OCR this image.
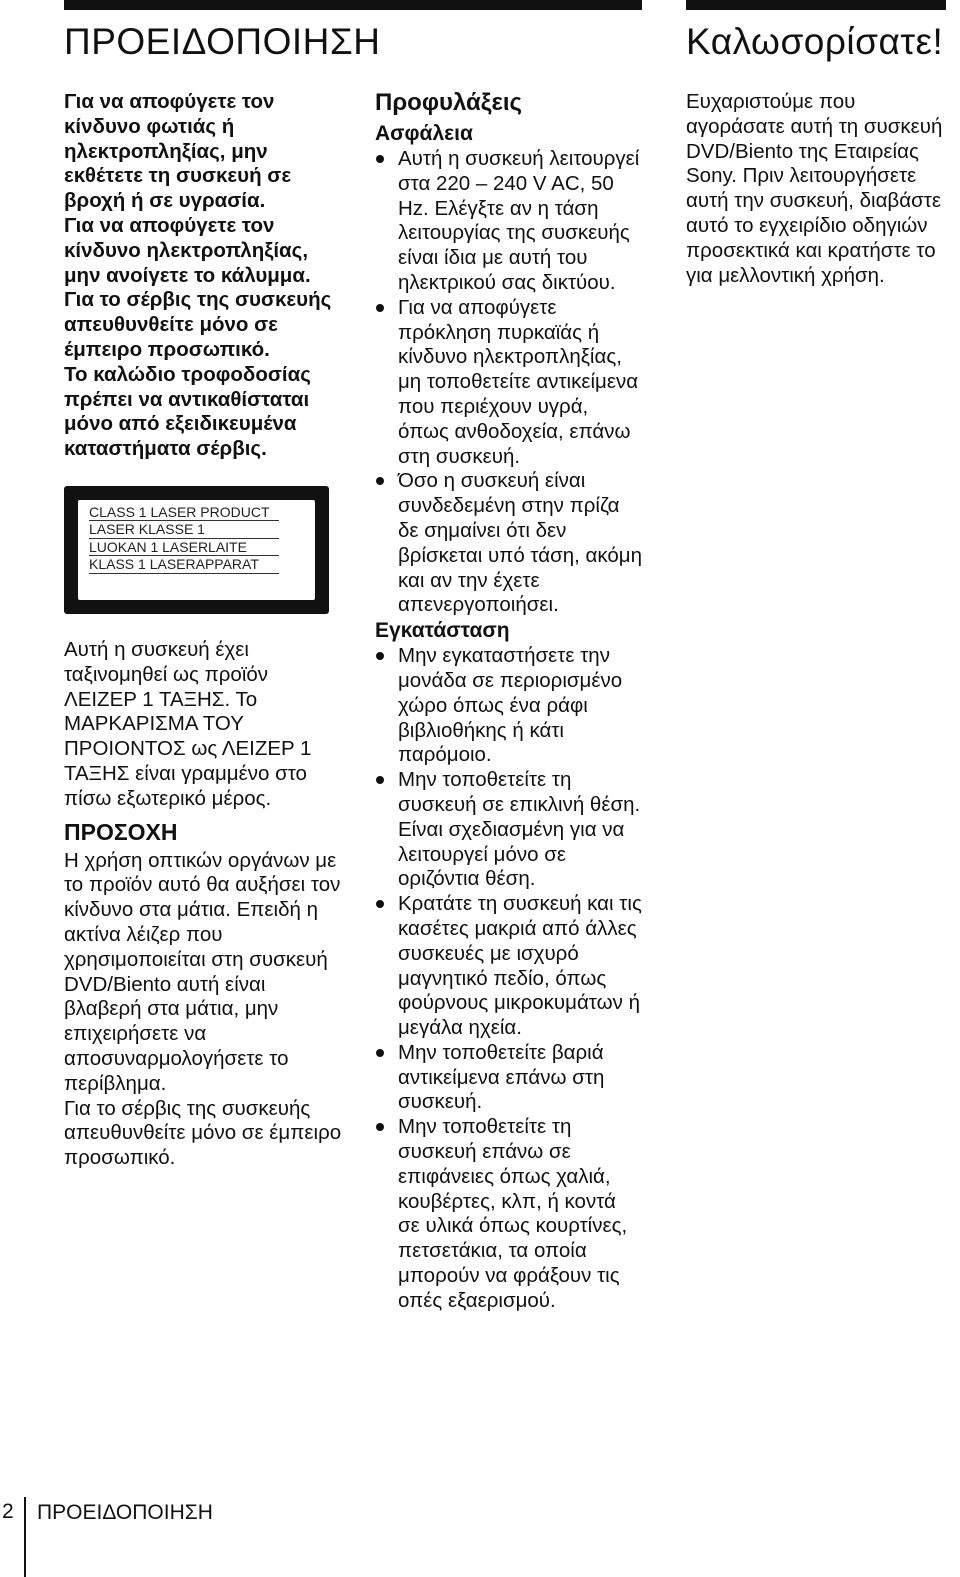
ΠΡΟΕΙΔΟΠΟΙΗΣΗ	Καλωσορίσατε!

Για να αποφύγετε τον κίνδυνο φωτιάς ή ηλεκτροπληξίας, μην εκθέτετε τη συσκευή σε βροχή ή σε υγρασία.

Για να αποφύγετε τον κίνδυνο ηλεκτροπληξίας, μην ανοίγετε το κάλυμμα. Για το σέρβις της συσκευής απευθυνθείτε μόνο σε έμπειρο προσωπικό.

Το καλώδιο τροφοδοσίας πρέπει να αντικαθίσταται μόνο από εξειδικευμένα καταστήματα σέρβις.

CLASS 1 LASER PRODUCT
LASER KLASSE 1
LUOKAN 1 LASERLAITE
KLASS 1 LASERAPPARAT

Αυτή η συσκευή έχει ταξινομηθεί ως προϊόν ΛΕΙΖΕΡ 1 ΤΑΞΗΣ. Το ΜΑΡΚΑΡΙΣΜΑ ΤΟΥ ΠΡΟΙΟΝΤΟΣ ως ΛΕΙΖΕΡ 1 ΤΑΞΗΣ είναι γραμμένο στο πίσω εξωτερικό μέρος.

ΠΡΟΣΟΧΗ

Η χρήση οπτικών οργάνων με το προϊόν αυτό θα αυξήσει τον κίνδυνο στα μάτια. Επειδή η ακτίνα λέιζερ που χρησιμοποιείται στη συσκευή DVD/Biento αυτή είναι βλαβερή στα μάτια, μην επιχειρήσετε να αποσυναρμολογήσετε το περίβλημα.

Για το σέρβις της συσκευής απευθυνθείτε μόνο σε έμπειρο προσωπικό.

Προφυλάξεις
Ασφάλεια
Αυτή η συσκευή λειτουργεί στα 220 – 240 V AC, 50 Hz. Ελέγξτε αν η τάση λειτουργίας της συσκευής είναι ίδια με αυτή του ηλεκτρικού σας δικτύου.
Για να αποφύγετε πρόκληση πυρκαϊάς ή κίνδυνο ηλεκτροπληξίας, μη τοποθετείτε αντικείμενα που περιέχουν υγρά, όπως ανθοδοχεία, επάνω στη συσκευή.
Όσο η συσκευή είναι συνδεδεμένη στην πρίζα δε σημαίνει ότι δεν βρίσκεται υπό τάση, ακόμη και αν την έχετε απενεργοποιήσει.
Εγκατάσταση
Μην εγκαταστήσετε την μονάδα σε περιορισμένο χώρο όπως ένα ράφι βιβλιοθήκης ή κάτι παρόμοιο.
Μην τοποθετείτε τη συσκευή σε επικλινή θέση. Είναι σχεδιασμένη για να λειτουργεί μόνο σε οριζόντια θέση.
Κρατάτε τη συσκευή και τις κασέτες μακριά από άλλες συσκευές με ισχυρό μαγνητικό πεδίο, όπως φούρνους μικροκυμάτων ή μεγάλα ηχεία.
Μην τοποθετείτε βαριά αντικείμενα επάνω στη συσκευή.
Μην τοποθετείτε τη συσκευή επάνω σε επιφάνειες όπως χαλιά, κουβέρτες, κλπ, ή κοντά σε υλικά όπως κουρτίνες, πετσετάκια, τα οποία μπορούν να φράξουν τις οπές εξαερισμού.

Ευχαριστούμε που αγοράσατε αυτή τη συσκευή DVD/Biento της Εταιρείας Sony. Πριν λειτουργήσετε αυτή την συσκευή, διαβάστε αυτό το εγχειρίδιο οδηγιών προσεκτικά και κρατήστε το για μελλοντική χρήση.

2 ΠΡΟΕΙΔΟΠΟΙΗΣΗ
